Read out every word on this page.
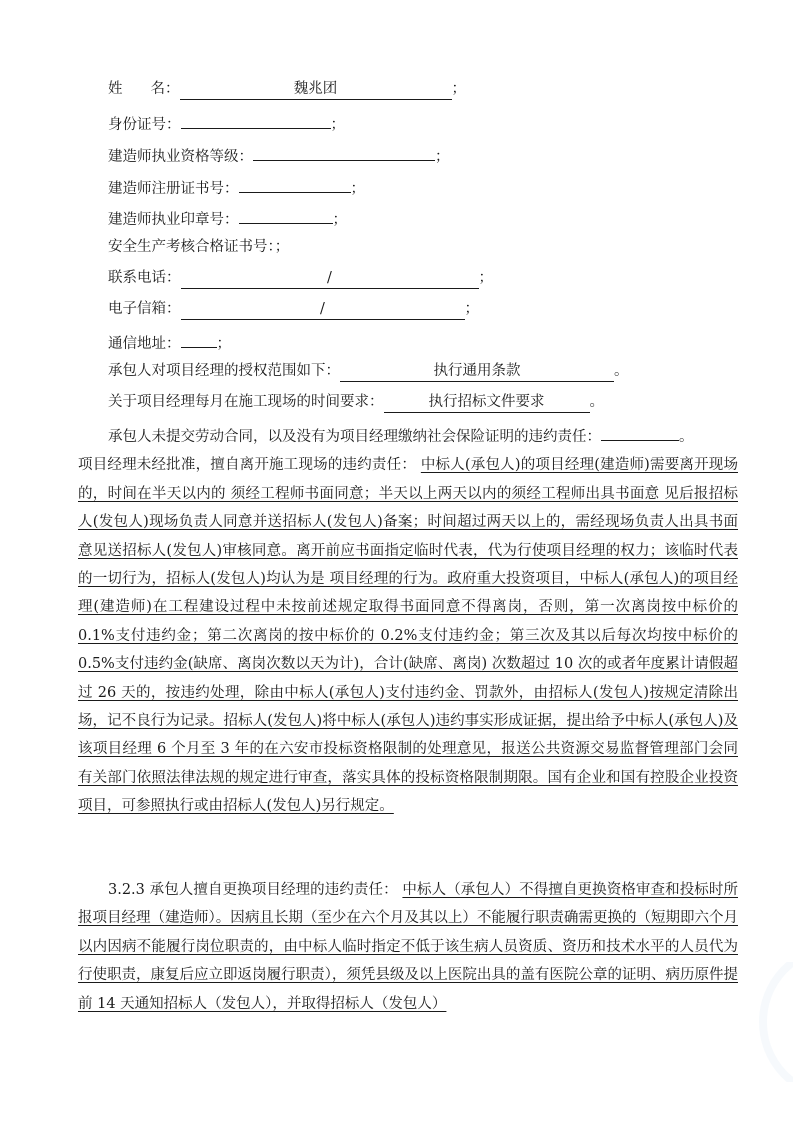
姓 名：	魏兆团	；
身份证号：	；
建造师执业资格等级：	；
建造师注册证书号：	；
建造师执业印章号：	；
安全生产考核合格证书号：；
联系电话：	/	；
电子信箱：	/	；
通信地址： ；
承包人对项目经理的授权范围如下：	执行通用条款	。
关于项目经理每月在施工现场的时间要求：	执行招标文件要求	。

承包人未提交劳动合同，以及没有为项目经理缴纳社会保险证明的违约责任：	。
项目经理未经批准，擅自离开施工现场的违约责任： 中标人(承包人)的项目经理(建造师)需要离开现场的，时间在半天以内的 须经工程师书面同意；半天以上两天以内的须经工程师出具书面意 见后报招标人(发包人)现场负责人同意并送招标人(发包人)备案；时间超过两天以上的，需经现场负责人出具书面意见送招标人(发包人)审核同意。离开前应书面指定临时代表，代为行使项目经理的权力；该临时代表的一切行为，招标人(发包人)均认为是 项目经理的行为。政府重大投资项目，中标人(承包人)的项目经 理(建造师)在工程建设过程中未按前述规定取得书面同意不得离岗，否则，第一次离岗按中标价的 0.1%支付违约金；第二次离岗的按中标价的 0.2%支付违约金；第三次及其以后每次均按中标价的 0.5%支付违约金(缺席、离岗次数以天为计)，合计(缺席、离岗) 次数超过 10 次的或者年度累计请假超过 26 天的，按违约处理，除由中标人(承包人)支付违约金、罚款外，由招标人(发包人)按规定清除出场，记不良行为记录。招标人(发包人)将中标人(承包人)违约事实形成证据，提出给予中标人(承包人)及该项目经理 6 个月至 3 年的在六安市投标资格限制的处理意见，报送公共资源交易监督管理部门会同有关部门依照法律法规的规定进行审查，落实具体的投标资格限制期限。国有企业和国有控股企业投资项目，可参照执行或由招标人(发包人)另行规定。

3.2.3 承包人擅自更换项目经理的违约责任： 中标人（承包人）不得擅自更换资格审查和投标时所报项目经理（建造师）。因病且长期（至少在六个月及其以上）不能履行职责确需更换的（短期即六个月以内因病不能履行岗位职责的，由中标人临时指定不低于该生病人员资质、资历和技术水平的人员代为行使职责，康复后应立即返岗履行职责），须凭县级及以上医院出具的盖有医院公章的证明、病历原件提前 14 天通知招标人（发包人），并取得招标人（发包人）
